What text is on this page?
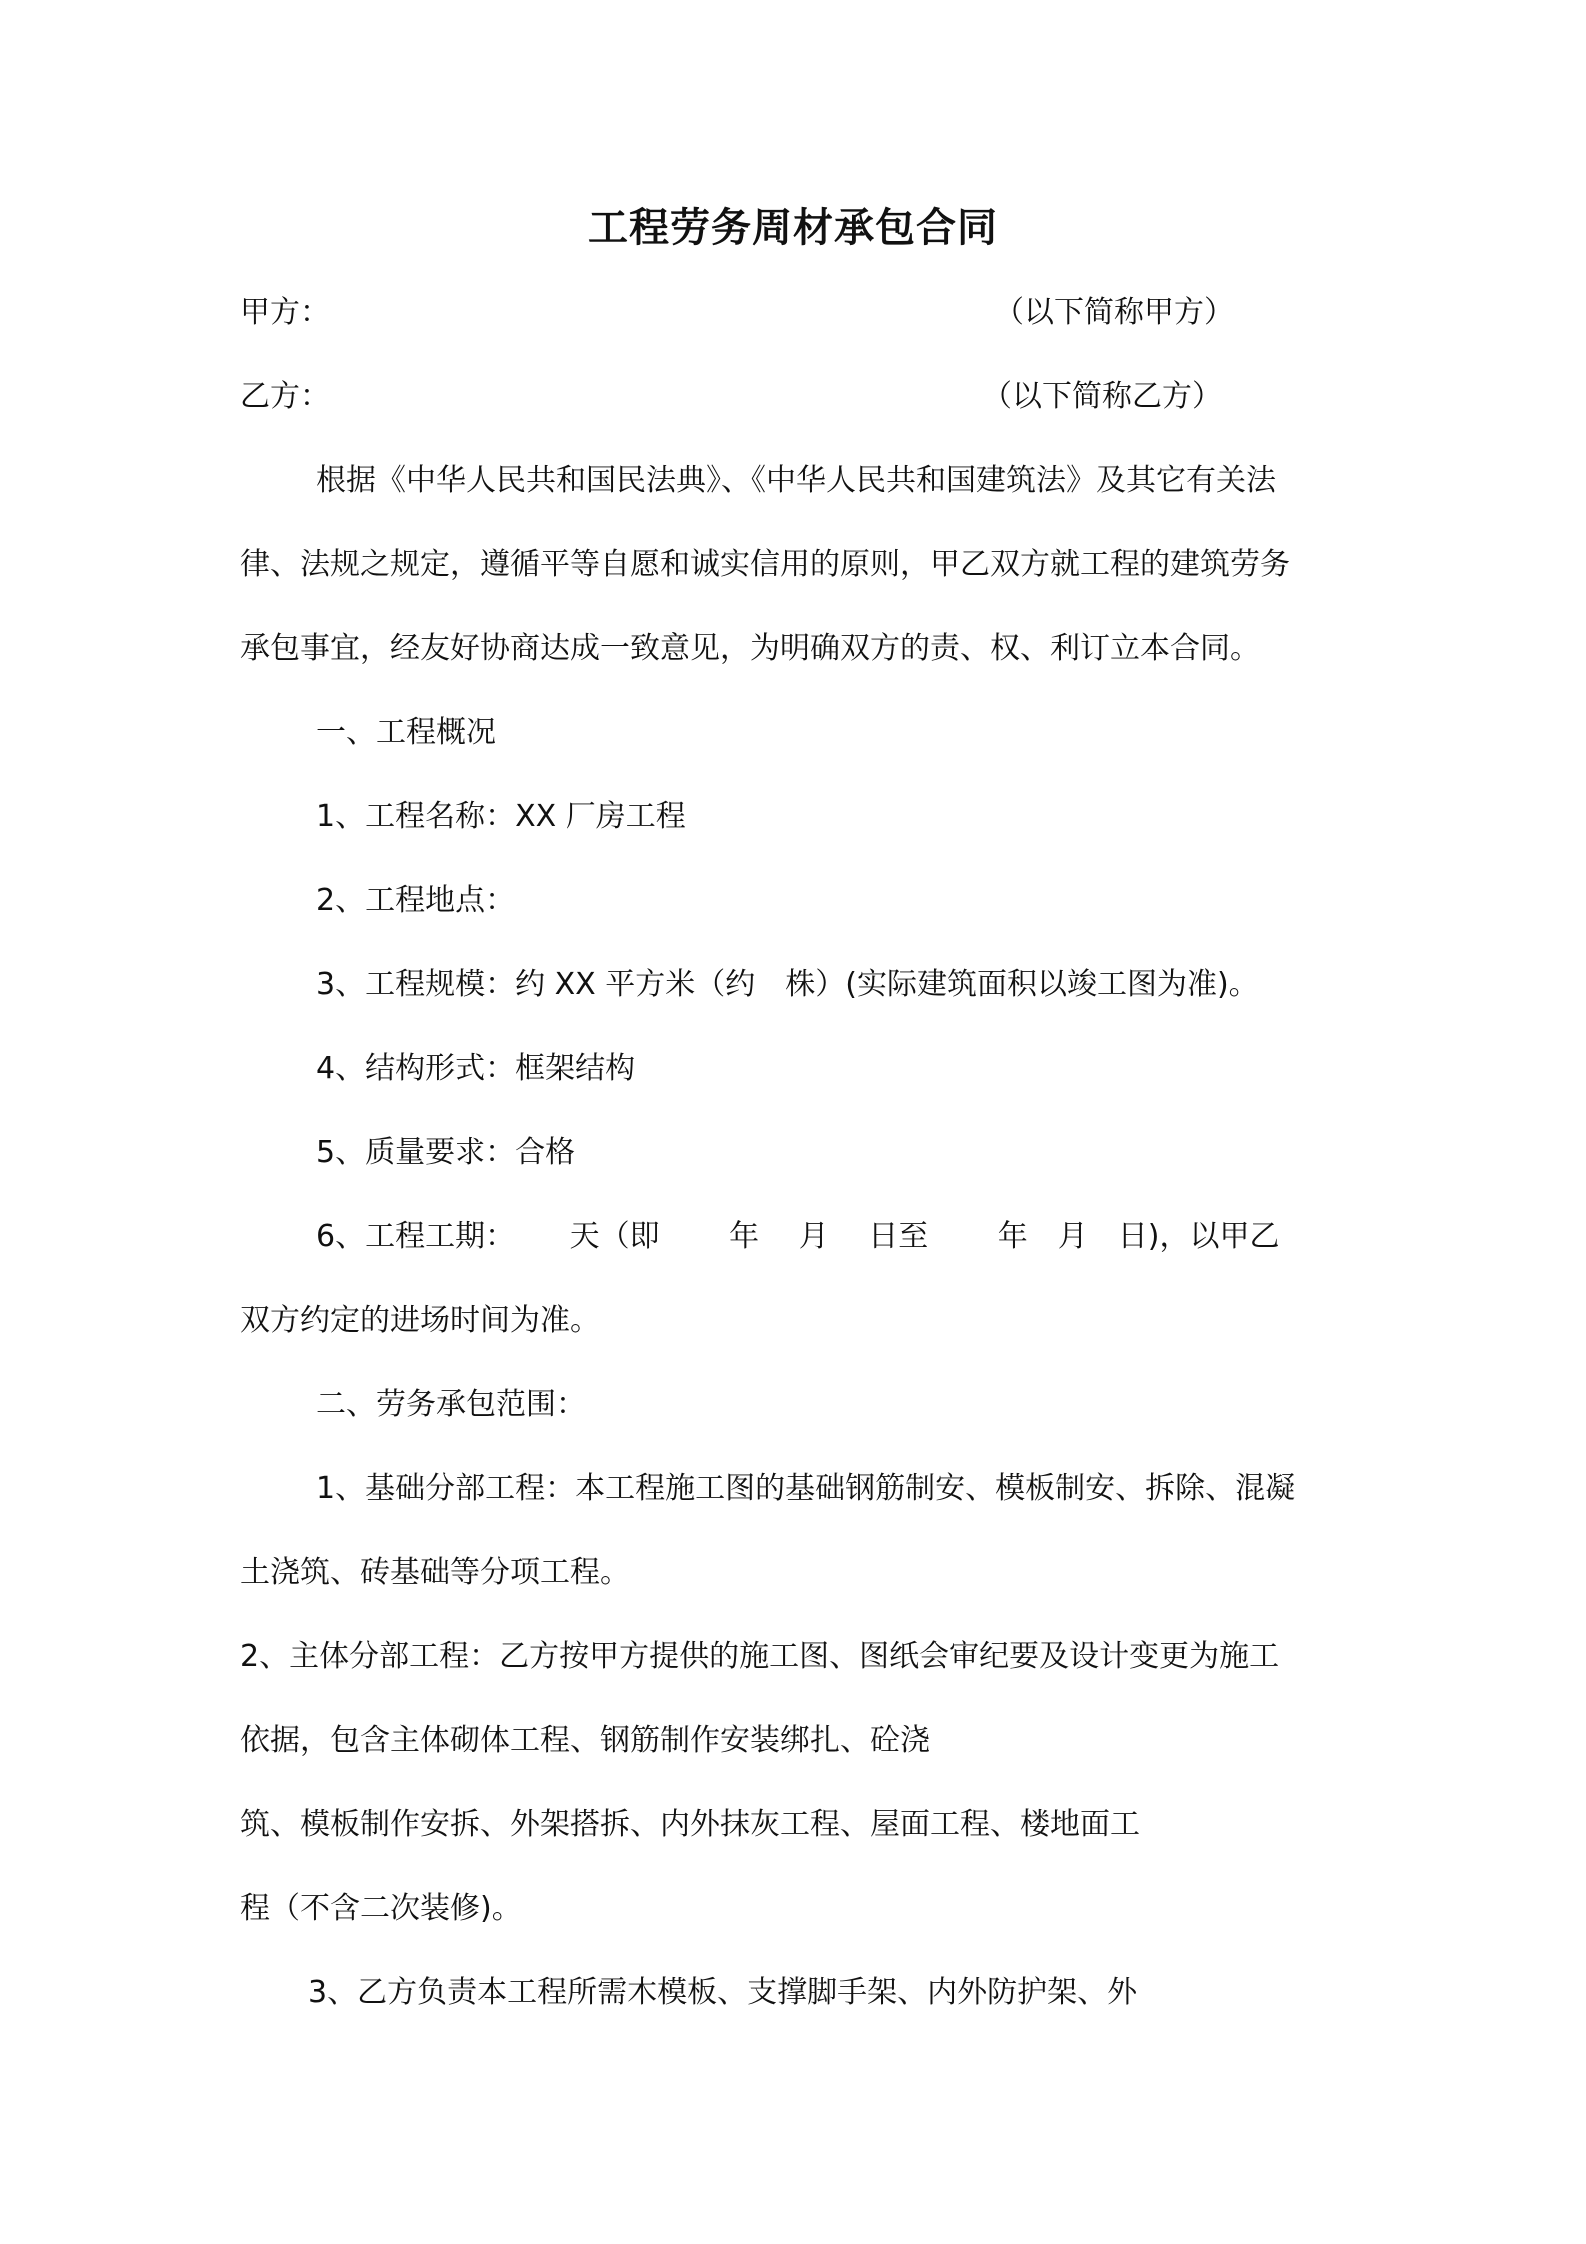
工程劳务周材承包合同
甲方：	（以下简称甲方）
乙方：	（以下简称乙方）

根据《中华人民共和国民法典》、《中华人民共和国建筑法》及其它有关法

律、法规之规定，遵循平等自愿和诚实信用的原则，甲乙双方就工程的建筑劳务

承包事宜，经友好协商达成一致意见，为明确双方的责、权、利订立本合同。

一、工程概况

1、工程名称：XX 厂房工程

2、工程地点：

3、工程规模：约 XX 平方米（约　株）(实际建筑面积以竣工图为准)。

4、结构形式：框架结构

5、质量要求：合格

6、工程工期：　　 天（即　　 年　 月　 日至　　 年　月　日)，以甲乙

双方约定的进场时间为准。

二、劳务承包范围：

1、基础分部工程：本工程施工图的基础钢筋制安、模板制安、拆除、混凝

土浇筑、砖基础等分项工程。

2、主体分部工程：乙方按甲方提供的施工图、图纸会审纪要及设计变更为施工

依据，包含主体砌体工程、钢筋制作安装绑扎、砼浇

筑、模板制作安拆、外架搭拆、内外抹灰工程、屋面工程、楼地面工

程（不含二次装修)。

3、乙方负责本工程所需木模板、支撑脚手架、内外防护架、外
